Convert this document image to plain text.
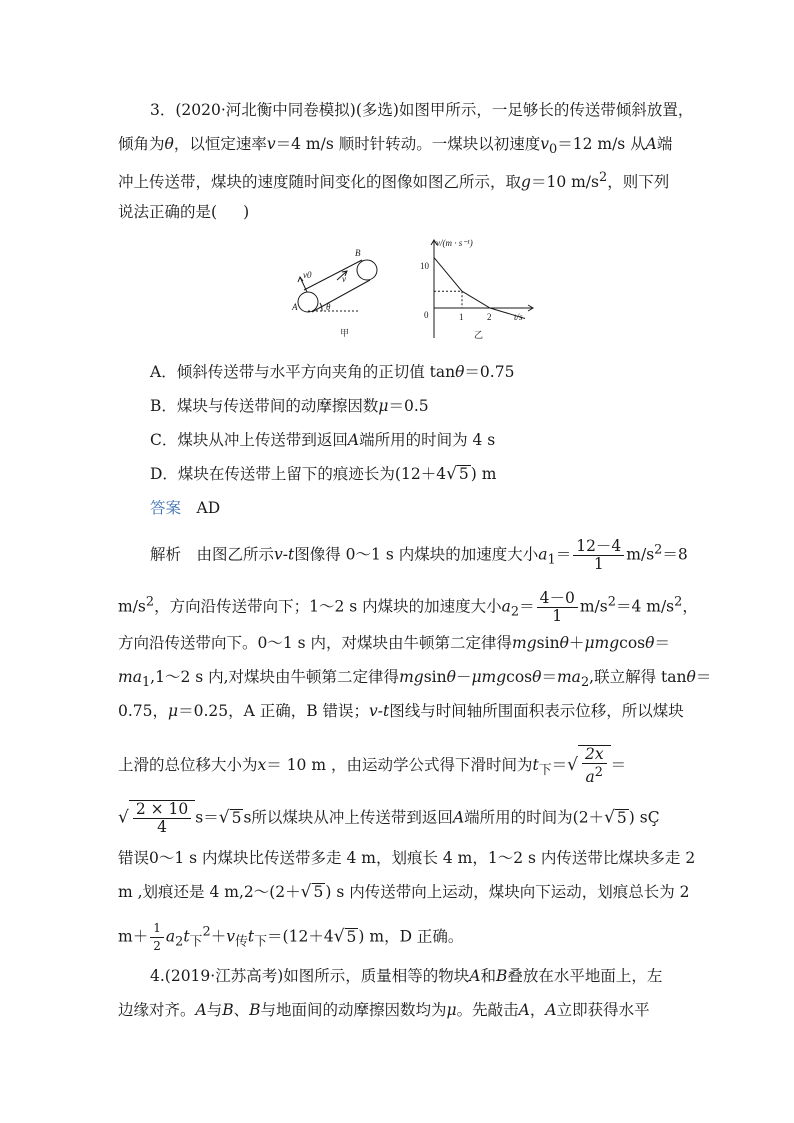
3．(2020·河北衡中同卷模拟)(多选)如图甲所示，一足够长的传送带倾斜放置，
倾角为θ，以恒定速率v＝4 m/s 顺时针转动。一煤块以初速度$v_0=12$ m/s 从A端
冲上传送带，煤块的速度随时间变化的图像如图乙所示，取g＝10 $m/s^2$，则下列
说法正确的是( )
B
A
v0	v
θ
甲
v/(m · s⁻¹)
t/s
10
0	1	2
乙
A．倾斜传送带与水平方向夹角的正切值 tanθ＝0.75
B．煤块与传送带间的动摩擦因数μ＝0.5
C．煤块从冲上传送带到返回A端所用的时间为 4 s
D．煤块在传送带上留下的痕迹长为(12＋4√ 5 ) m
答案　 AD
解析　由图乙所示v-t图像得 0～1 s 内煤块的加速度大小$a_1= \frac{12-4}{1} m/s^2=8$
$m/s^2$，方向沿传送带向下；1～2 s 内煤块的加速度大小$a_2= \frac{4-0}{1} m/s^2=4$ $m/s^2$，
方向沿传送带向下。0～1 s 内，对煤块由牛顿第二定律得mgsinθ＋μmgcosθ＝
$ma_1,1\sim 2$ s 内,对煤块由牛顿第二定律得$mgsin\theta-\mu mgcos\theta=ma_2$,联立解得 tanθ＝
0.75，μ＝0.25，A 正确，B 错误；v-t图线与时间轴所围面积表示位移，所以煤块
上滑的总位移大小为x＝ 10 m ，由运动学公式得下滑时间为$t_下=√ \frac{2x}{a^2}$ ＝
√ $\frac{2 \times 10}{4} s=√$ 5 s所以煤块从冲上传送带到返回A端所用的时间为(2＋√ 5 ) sÇ
错误0～1 s 内煤块比传送带多走 4 m，划痕长 4 m，1～2 s 内传送带比煤块多走 2
m ,划痕还是 4 m,2～(2＋√ 5 ) s 内传送带向上运动，煤块向下运动，划痕总长为 2
$m+ \frac{1}{2} a_2t_下^2+v_传t_下=(12+4√$ 5 ) m，D 正确。
4.(2019·江苏高考)如图所示，质量相等的物块A和B叠放在水平地面上，左
边缘对齐。A与B、B与地面间的动摩擦因数均为μ。先敲击A，A立即获得水平
